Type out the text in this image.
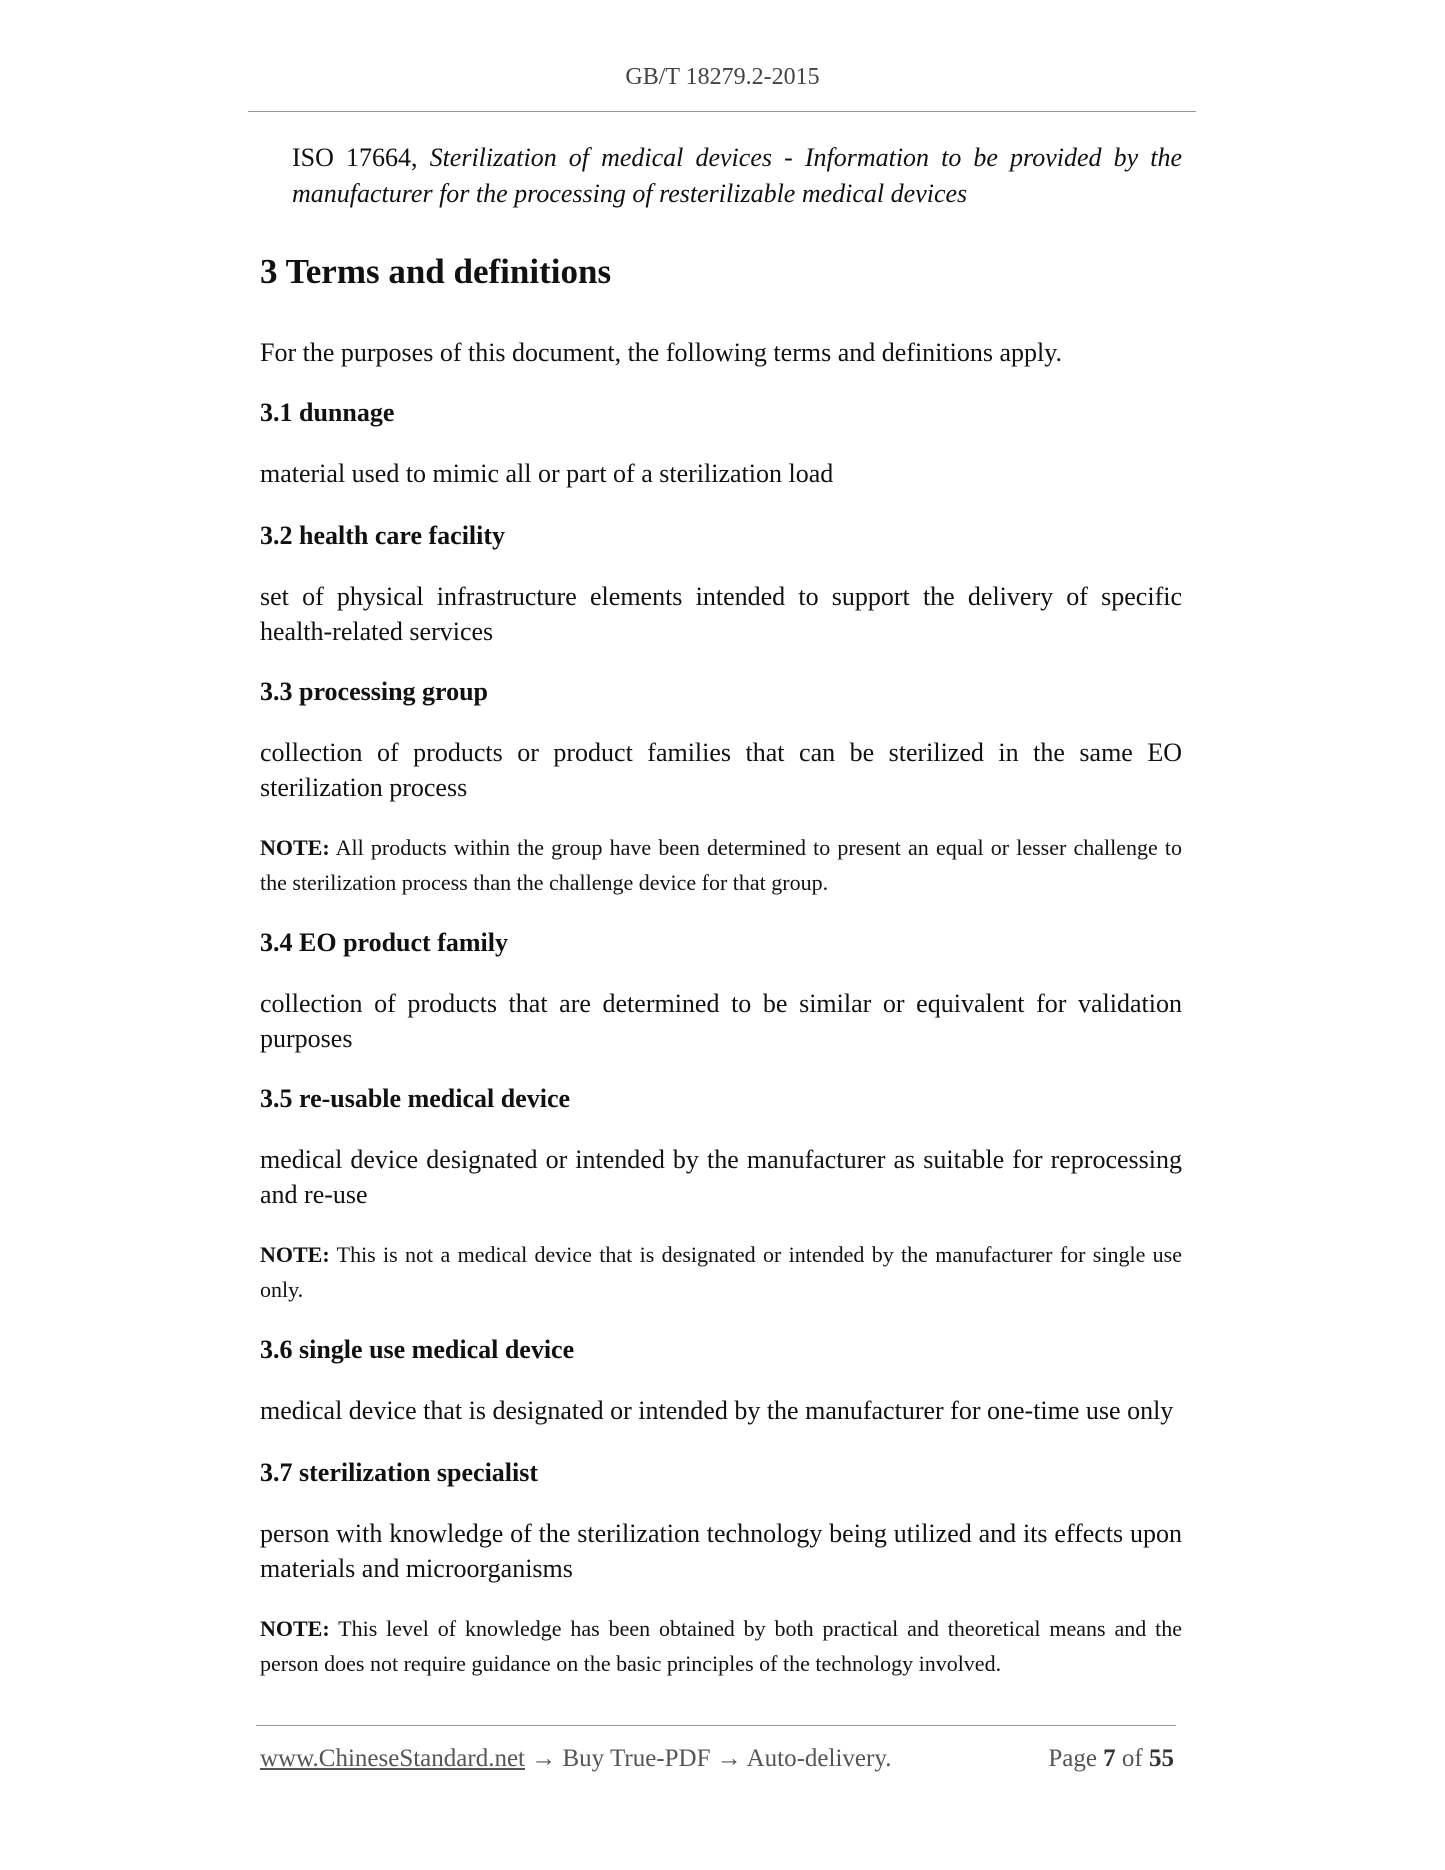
GB/T 18279.2-2015
ISO 17664, Sterilization of medical devices - Information to be provided by the manufacturer for the processing of resterilizable medical devices
3 Terms and definitions
For the purposes of this document, the following terms and definitions apply.
3.1 dunnage
material used to mimic all or part of a sterilization load
3.2 health care facility
set of physical infrastructure elements intended to support the delivery of specific health-related services
3.3 processing group
collection of products or product families that can be sterilized in the same EO sterilization process
NOTE: All products within the group have been determined to present an equal or lesser challenge to the sterilization process than the challenge device for that group.
3.4 EO product family
collection of products that are determined to be similar or equivalent for validation purposes
3.5 re-usable medical device
medical device designated or intended by the manufacturer as suitable for reprocessing and re-use
NOTE: This is not a medical device that is designated or intended by the manufacturer for single use only.
3.6 single use medical device
medical device that is designated or intended by the manufacturer for one-time use only
3.7 sterilization specialist
person with knowledge of the sterilization technology being utilized and its effects upon materials and microorganisms
NOTE: This level of knowledge has been obtained by both practical and theoretical means and the person does not require guidance on the basic principles of the technology involved.
www.ChineseStandard.net → Buy True-PDF → Auto-delivery.	Page 7 of 55
